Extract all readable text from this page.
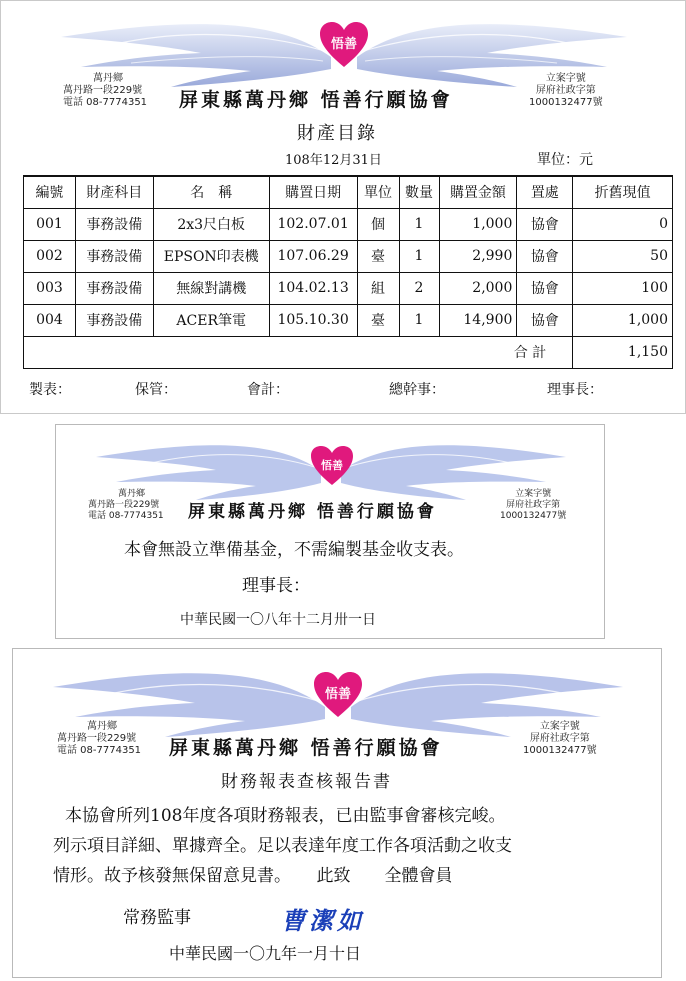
悟善
萬丹鄉
萬丹路一段229號
電話 08-7774351 屏東縣萬丹鄉 悟善行願協會
立案字號
屏府社政字第
1000132477號
財產目錄
108年12月31日	單位：元
編號	財產科目	名　稱	購置日期	單位	數量	購置金額	置處	折舊現值
001	事務設備	2x3尺白板	102.07.01	個	1	1,000	協會	0
002	事務設備	EPSON印表機	107.06.29	臺	1	2,990	協會	50
003	事務設備	無線對講機	104.02.13	組	2	2,000	協會	100
004	事務設備	ACER筆電	105.10.30	臺	1	14,900	協會	1,000
合 計								1,150
製表：	保管：	會計：	總幹事：	理事長：
悟善
萬丹鄉
萬丹路一段229號
電話 08-7774351 屏東縣萬丹鄉 悟善行願協會
立案字號
屏府社政字第
1000132477號
本會無設立準備基金，不需編製基金收支表。
理事長：
中華民國一〇八年十二月卅一日
悟善
萬丹鄉
萬丹路一段229號
電話 08-7774351 屏東縣萬丹鄉 悟善行願協會
立案字號
屏府社政字第
1000132477號
財務報表查核報告書
本協會所列108年度各項財務報表，已由監事會審核完峻。
列示項目詳細、單據齊全。足以表達年度工作各項活動之收支
情形。故予核發無保留意見書。　　此致　　全體會員
常務監事	曹潔如
中華民國一〇九年一月十日
